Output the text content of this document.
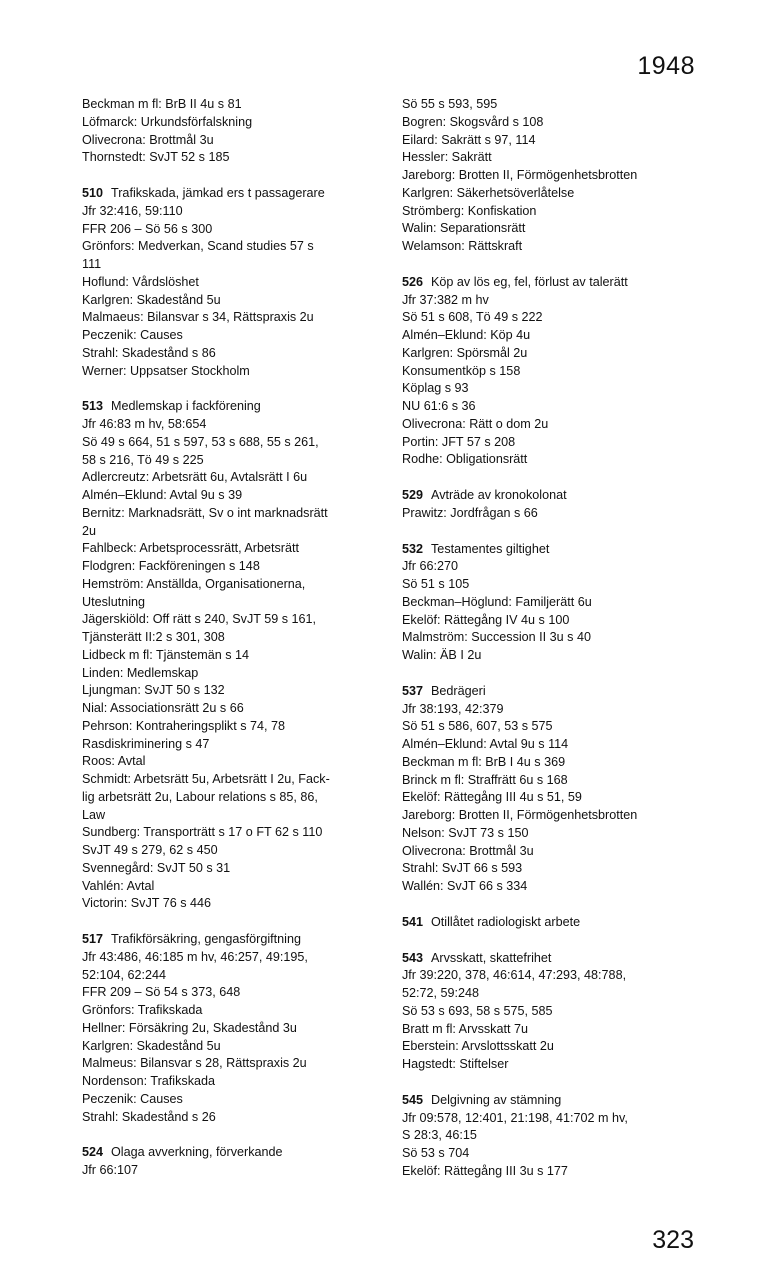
1948
Beckman m fl: BrB II 4u s 81
Löfmarck: Urkundsförfalskning
Olivecrona: Brottmål 3u
Thornstedt: SvJT 52 s 185
510 Trafikskada, jämkad ers t passagerare
Jfr 32:416, 59:110
FFR 206 – Sö 56 s 300
Grönfors: Medverkan, Scand studies 57 s
111
Hoflund: Vårdslöshet
Karlgren: Skadestånd 5u
Malmaeus: Bilansvar s 34, Rättspraxis 2u
Peczenik: Causes
Strahl: Skadestånd s 86
Werner: Uppsatser Stockholm
513 Medlemskap i fackförening
Jfr 46:83 m hv, 58:654
Sö 49 s 664, 51 s 597, 53 s 688, 55 s 261,
58 s 216, Tö 49 s 225
Adlercreutz: Arbetsrätt 6u, Avtalsrätt I 6u
Almén–Eklund: Avtal 9u s 39
Bernitz: Marknadsrätt, Sv o int marknadsrätt
2u
Fahlbeck: Arbetsprocessrätt, Arbetsrätt
Flodgren: Fackföreningen s 148
Hemström: Anställda, Organisationerna,
Uteslutning
Jägerskiöld: Off rätt s 240, SvJT 59 s 161,
Tjänsterätt II:2 s 301, 308
Lidbeck m fl: Tjänstemän s 14
Linden: Medlemskap
Ljungman: SvJT 50 s 132
Nial: Associationsrätt 2u s 66
Pehrson: Kontraheringsplikt s 74, 78
Rasdiskriminering s 47
Roos: Avtal
Schmidt: Arbetsrätt 5u, Arbetsrätt I 2u, Fack-
lig arbetsrätt 2u, Labour relations s 85, 86,
Law
Sundberg: Transporträtt s 17 o FT 62 s 110
SvJT 49 s 279, 62 s 450
Svennegård: SvJT 50 s 31
Vahlén: Avtal
Victorin: SvJT 76 s 446
517 Trafikförsäkring, gengasförgiftning
Jfr 43:486, 46:185 m hv, 46:257, 49:195,
52:104, 62:244
FFR 209 – Sö 54 s 373, 648
Grönfors: Trafikskada
Hellner: Försäkring 2u, Skadestånd 3u
Karlgren: Skadestånd 5u
Malmeus: Bilansvar s 28, Rättspraxis 2u
Nordenson: Trafikskada
Peczenik: Causes
Strahl: Skadestånd s 26
524 Olaga avverkning, förverkande
Jfr 66:107
Sö 55 s 593, 595
Bogren: Skogsvård s 108
Eilard: Sakrätt s 97, 114
Hessler: Sakrätt
Jareborg: Brotten II, Förmögenhetsbrotten
Karlgren: Säkerhetsöverlåtelse
Strömberg: Konfiskation
Walin: Separationsrätt
Welamson: Rättskraft
526 Köp av lös eg, fel, förlust av talerätt
Jfr 37:382 m hv
Sö 51 s 608, Tö 49 s 222
Almén–Eklund: Köp 4u
Karlgren: Spörsmål 2u
Konsumentköp s 158
Köplag s 93
NU 61:6 s 36
Olivecrona: Rätt o dom 2u
Portin: JFT 57 s 208
Rodhe: Obligationsrätt
529 Avträde av kronokolonat
Prawitz: Jordfrågan s 66
532 Testamentes giltighet
Jfr 66:270
Sö 51 s 105
Beckman–Höglund: Familjerätt 6u
Ekelöf: Rättegång IV 4u s 100
Malmström: Succession II 3u s 40
Walin: ÄB I 2u
537 Bedrägeri
Jfr 38:193, 42:379
Sö 51 s 586, 607, 53 s 575
Almén–Eklund: Avtal 9u s 114
Beckman m fl: BrB I 4u s 369
Brinck m fl: Straffrätt 6u s 168
Ekelöf: Rättegång III 4u s 51, 59
Jareborg: Brotten II, Förmögenhetsbrotten
Nelson: SvJT 73 s 150
Olivecrona: Brottmål 3u
Strahl: SvJT 66 s 593
Wallén: SvJT 66 s 334
541 Otillåtet radiologiskt arbete
543 Arvsskatt, skattefrihet
Jfr 39:220, 378, 46:614, 47:293, 48:788,
52:72, 59:248
Sö 53 s 693, 58 s 575, 585
Bratt m fl: Arvsskatt 7u
Eberstein: Arvslottsskatt 2u
Hagstedt: Stiftelser
545 Delgivning av stämning
Jfr 09:578, 12:401, 21:198, 41:702 m hv,
S 28:3, 46:15
Sö 53 s 704
Ekelöf: Rättegång III 3u s 177
323
